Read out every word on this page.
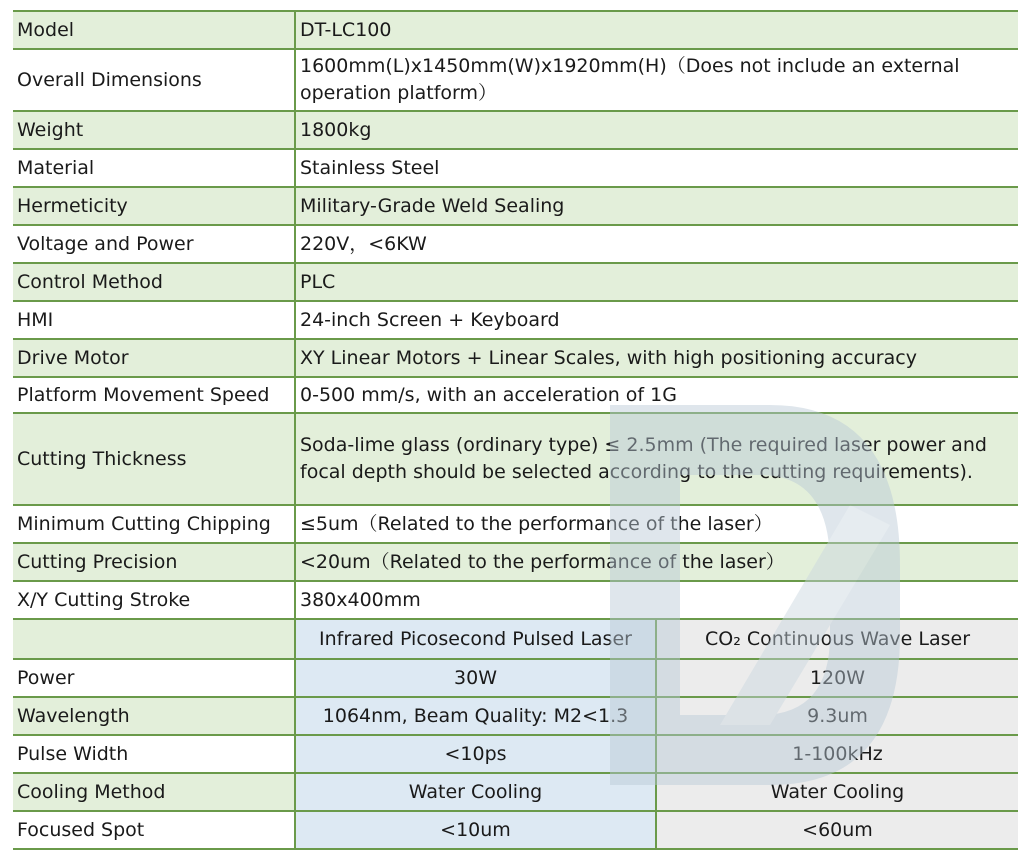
Model	DT-LC100	
Overall Dimensions	1600mm(L)x1450mm(W)x1920mm(H)（Does not include an external operation platform）	
Weight	1800kg	
Material	Stainless Steel	
Hermeticity	Military-Grade Weld Sealing	
Voltage and Power	220V，<6KW	
Control Method	PLC	
HMI	24-inch Screen + Keyboard	
Drive Motor	XY Linear Motors + Linear Scales, with high positioning accuracy	
Platform Movement Speed	0-500 mm/s, with an acceleration of 1G	
Cutting Thickness	Soda-lime glass (ordinary type) ≤ 2.5mm (The required laser power and focal depth should be selected according to the cutting requirements).	
Minimum Cutting Chipping	≤5um（Related to the performance of the laser）	
Cutting Precision	<20um（Related to the performance of the laser）	
X/Y Cutting Stroke	380x400mm	
	Infrared Picosecond Pulsed Laser	CO₂ Continuous Wave Laser
Power	30W	120W
Wavelength	1064nm, Beam Quality: M2<1.3	9.3um
Pulse Width	<10ps	1-100kHz
Cooling Method	Water Cooling	Water Cooling
Focused Spot	<10um	<60um
